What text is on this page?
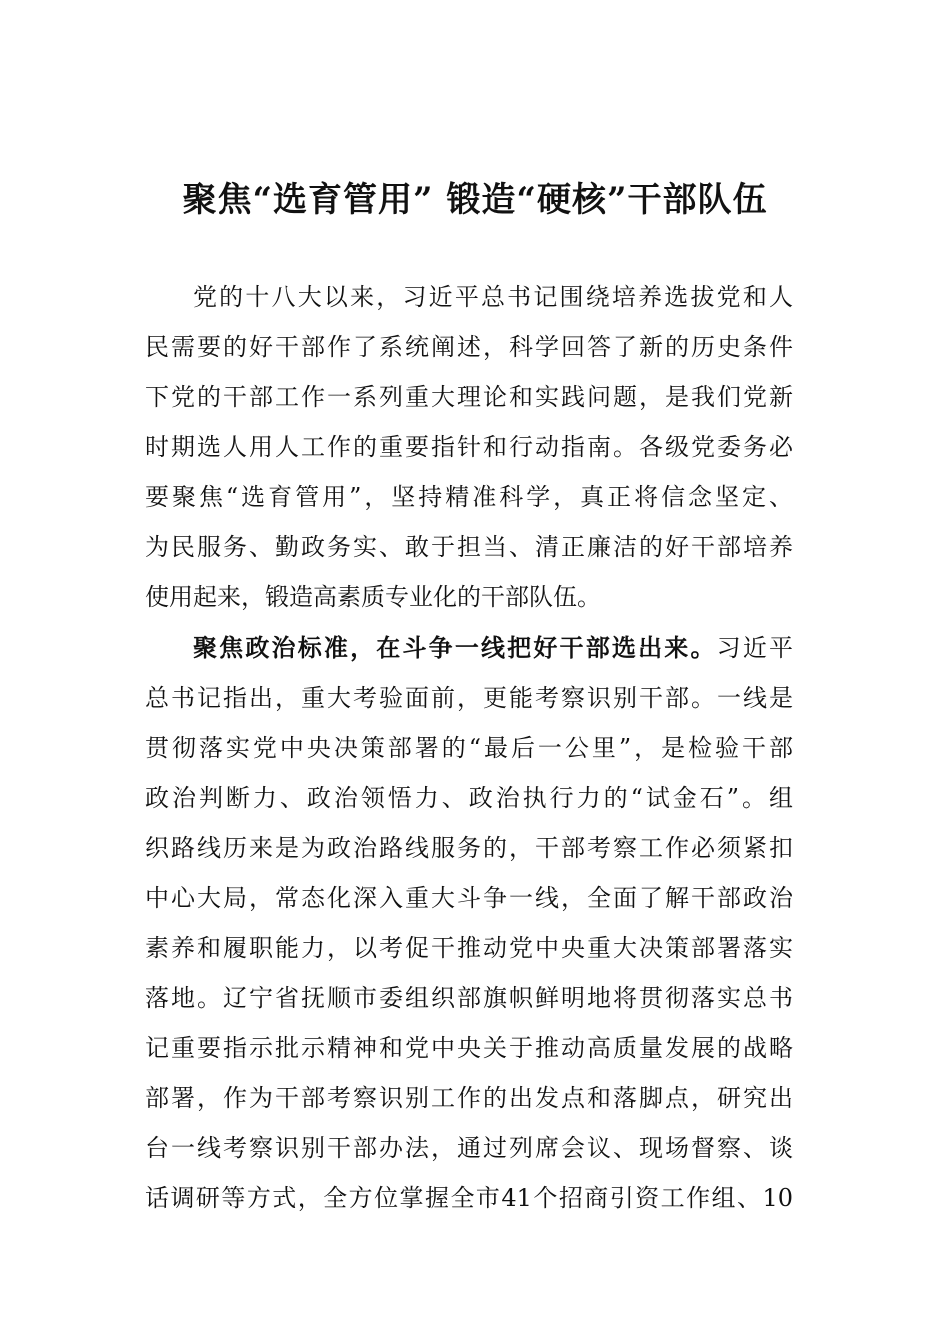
聚焦“选育管用” 锻造“硬核”干部队伍
党的十八大以来，习近平总书记围绕培养选拔党和人
民需要的好干部作了系统阐述，科学回答了新的历史条件
下党的干部工作一系列重大理论和实践问题，是我们党新
时期选人用人工作的重要指针和行动指南。各级党委务必
要聚焦“选育管用”，坚持精准科学，真正将信念坚定、
为民服务、勤政务实、敢于担当、清正廉洁的好干部培养
使用起来，锻造高素质专业化的干部队伍。
聚焦政治标准，在斗争一线把好干部选出来。习近平
总书记指出，重大考验面前，更能考察识别干部。一线是
贯彻落实党中央决策部署的“最后一公里”，是检验干部
政治判断力、政治领悟力、政治执行力的“试金石”。组
织路线历来是为政治路线服务的，干部考察工作必须紧扣
中心大局，常态化深入重大斗争一线，全面了解干部政治
素养和履职能力，以考促干推动党中央重大决策部署落实
落地。辽宁省抚顺市委组织部旗帜鲜明地将贯彻落实总书
记重要指示批示精神和党中央关于推动高质量发展的战略
部署，作为干部考察识别工作的出发点和落脚点，研究出
台一线考察识别干部办法，通过列席会议、现场督察、谈
话调研等方式，全方位掌握全市41个招商引资工作组、10
